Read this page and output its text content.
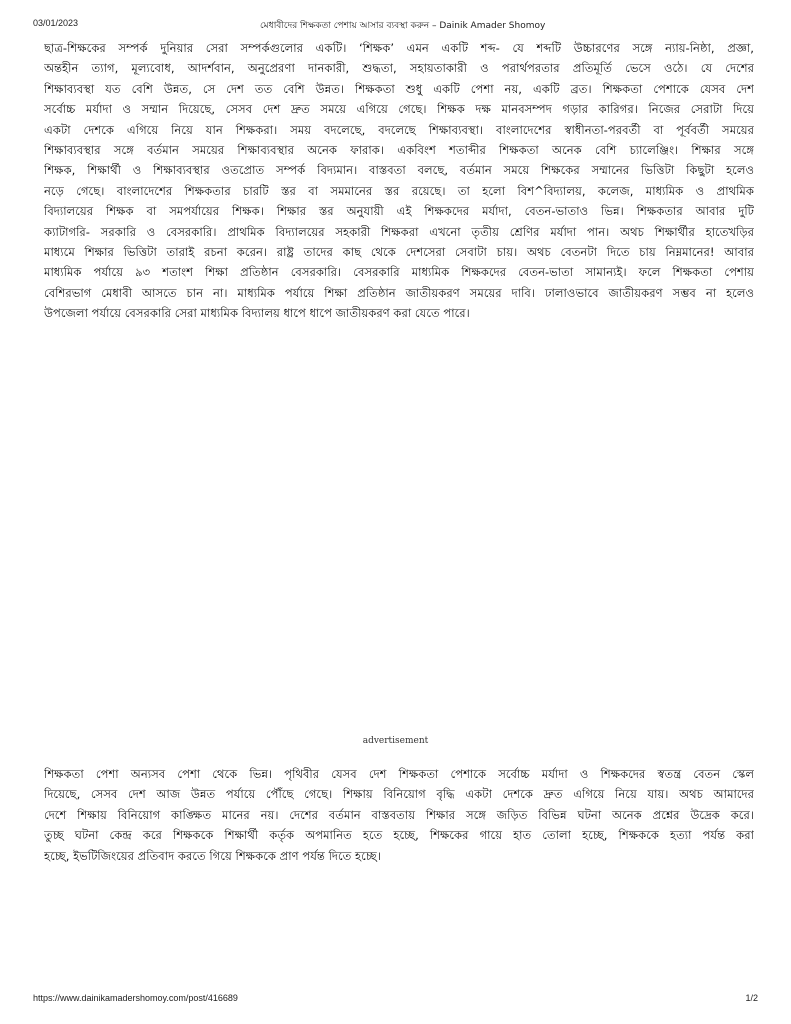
03/01/2023	মেধাবীদের শিক্ষকতা পেশায় আসার ব্যবস্থা করুন – Dainik Amader Shomoy
ছাত্র-শিক্ষকের সম্পর্ক দুনিয়ার সেরা সম্পর্কগুলোর একটি। ‘শিক্ষক’ এমন একটি শব্দ- যে শব্দটি উচ্চারণের সঙ্গে ন্যায়-নিষ্ঠা, প্রজ্ঞা,
অন্তহীন ত্যাগ, মূল্যবোধ, আদর্শবান, অনুপ্রেরণা দানকারী, শুদ্ধতা, সহায়তাকারী ও পরার্থপরতার প্রতিমূর্তি ভেসে ওঠে। যে দেশের
শিক্ষাব্যবস্থা যত বেশি উন্নত, সে দেশ তত বেশি উন্নত। শিক্ষকতা শুধু একটি পেশা নয়, একটি ব্রত। শিক্ষকতা পেশাকে যেসব দেশ
সর্বোচ্চ মর্যাদা ও সম্মান দিয়েছে, সেসব দেশ দ্রুত সময়ে এগিয়ে গেছে। শিক্ষক দক্ষ মানবসম্পদ গড়ার কারিগর। নিজের সেরাটা দিয়ে
একটা দেশকে এগিয়ে নিয়ে যান শিক্ষকরা। সময় বদলেছে, বদলেছে শিক্ষাব্যবস্থা। বাংলাদেশের স্বাধীনতা-পরবর্তী বা পূর্ববর্তী সময়ের
শিক্ষাব্যবস্থার সঙ্গে বর্তমান সময়ের শিক্ষাব্যবস্থার অনেক ফারাক। একবিংশ শতাব্দীর শিক্ষকতা অনেক বেশি চ্যালেঞ্জিং। শিক্ষার সঙ্গে
শিক্ষক, শিক্ষার্থী ও শিক্ষাব্যবস্থার ওতপ্রোত সম্পর্ক বিদ্যমান। বাস্তবতা বলছে, বর্তমান সময়ে শিক্ষকের সম্মানের ভিত্তিটা কিছুটা হলেও
নড়ে গেছে। বাংলাদেশের শিক্ষকতার চারটি স্তর বা সমমানের স্তর রয়েছে। তা হলো বিশ^বিদ্যালয়, কলেজ, মাধ্যমিক ও প্রাথমিক
বিদ্যালয়ের শিক্ষক বা সমপর্যায়ের শিক্ষক। শিক্ষার স্তর অনুযায়ী এই শিক্ষকদের মর্যাদা, বেতন-ভাতাও ভিন্ন। শিক্ষকতার আবার দুটি
ক্যাটাগরি- সরকারি ও বেসরকারি। প্রাথমিক বিদ্যালয়ের সহকারী শিক্ষকরা এখনো তৃতীয় শ্রেণির মর্যাদা পান। অথচ শিক্ষার্থীর হাতেখড়ির
মাধ্যমে শিক্ষার ভিত্তিটা তারাই রচনা করেন। রাষ্ট্র তাদের কাছ থেকে দেশসেরা সেবাটা চায়। অথচ বেতনটা দিতে চায় নিম্নমানের! আবার
মাধ্যমিক পর্যায়ে ৯৩ শতাংশ শিক্ষা প্রতিষ্ঠান বেসরকারি। বেসরকারি মাধ্যমিক শিক্ষকদের বেতন-ভাতা সামান্যই। ফলে শিক্ষকতা পেশায়
বেশিরভাগ মেধাবী আসতে চান না। মাধ্যমিক পর্যায়ে শিক্ষা প্রতিষ্ঠান জাতীয়করণ সময়ের দাবি। ঢালাওভাবে জাতীয়করণ সম্ভব না হলেও
উপজেলা পর্যায়ে বেসরকারি সেরা মাধ্যমিক বিদ্যালয় ধাপে ধাপে জাতীয়করণ করা যেতে পারে।
advertisement
শিক্ষকতা পেশা অন্যসব পেশা থেকে ভিন্ন। পৃথিবীর যেসব দেশ শিক্ষকতা পেশাকে সর্বোচ্চ মর্যাদা ও শিক্ষকদের স্বতন্ত্র বেতন স্কেল
দিয়েছে, সেসব দেশ আজ উন্নত পর্যায়ে পৌঁছে গেছে। শিক্ষায় বিনিয়োগ বৃদ্ধি একটা দেশকে দ্রুত এগিয়ে নিয়ে যায়। অথচ আমাদের
দেশে শিক্ষায় বিনিয়োগ কাঙ্ক্ষিত মানের নয়। দেশের বর্তমান বাস্তবতায় শিক্ষার সঙ্গে জড়িত বিভিন্ন ঘটনা অনেক প্রশ্নের উদ্রেক করে।
তুচ্ছ ঘটনা কেন্দ্র করে শিক্ষককে শিক্ষার্থী কর্তৃক অপমানিত হতে হচ্ছে, শিক্ষকের গায়ে হাত তোলা হচ্ছে, শিক্ষককে হত্যা পর্যন্ত করা
হচ্ছে, ইভটিজিংয়ের প্রতিবাদ করতে গিয়ে শিক্ষককে প্রাণ পর্যন্ত দিতে হচ্ছে।
https://www.dainikamadershomoy.com/post/416689	1/2
